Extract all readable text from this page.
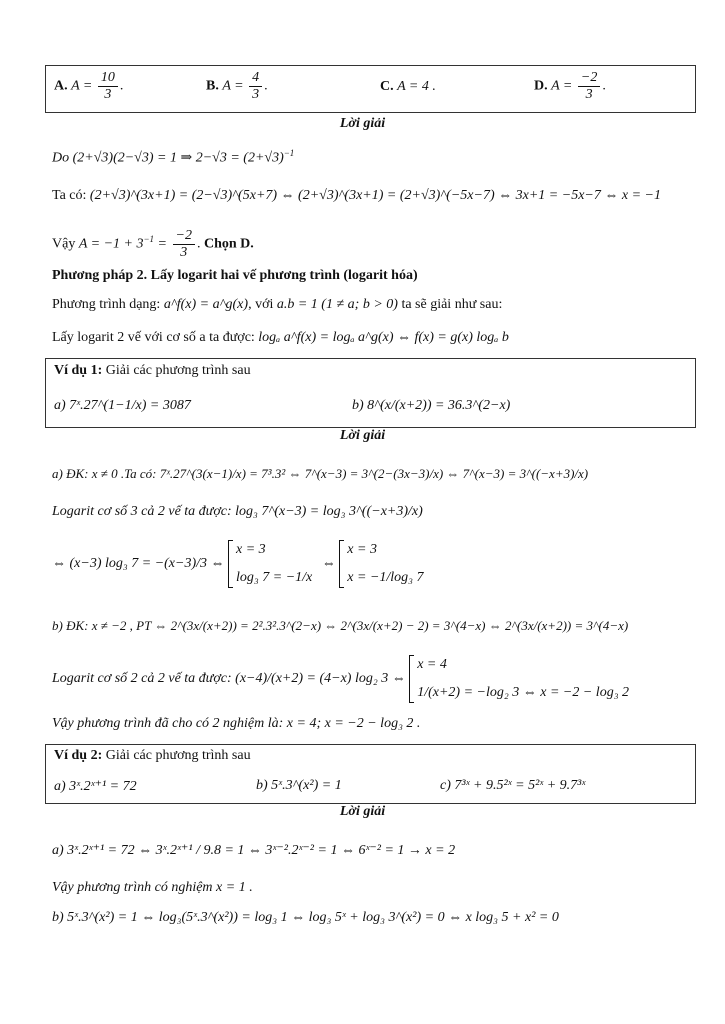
A. $A = \frac{10}{3}$ .	B. $A = \frac{4}{3}$ .	C. A = 4 .	D. $A = \frac{-2}{3}$ .
Lời giải
Do (2+√3)(2−√3) = 1 ⇒ $2-√3 = (2+√3)^{-1}$
Ta có: (2+√3)^(3x+1) = (2−√3)^(5x+7) ⇔ (2+√3)^(3x+1) = (2+√3)^(−5x−7) ⇔ 3x+1 = −5x−7 ⇔ x = −1
Vậy $A = -1 + 3^{-1} = \frac{-2}{3}$ . Chọn D.
Phương pháp 2. Lấy logarit hai vế phương trình (logarit hóa)
Phương trình dạng: a^f(x) = a^g(x), với a.b = 1 (1 ≠ a; b > 0) ta sẽ giải như sau:
Lấy logarit 2 vế với cơ số a ta được: logₐ a^f(x) = logₐ a^g(x) ⇔ f(x) = g(x) logₐ b
Ví dụ 1: Giải các phương trình sau
a) 7ˣ.27^(1−1/x) = 3087	b) 8^(x/(x+2)) = 36.3^(2−x)
Lời giải
a) ĐK: x ≠ 0 .Ta có: 7ˣ.27^(3(x−1)/x) = 7³.3² ⇔ 7^(x−3) = 3^(2−(3x−3)/x) ⇔ 7^(x−3) = 3^((−x+3)/x)
Logarit cơ số 3 cả 2 vế ta được: log₃ 7^(x−3) = log₃ 3^((−x+3)/x)
⇔ (x−3) log₃ 7 = −(x−3)/3 ⇔
x = 3
log₃ 7 = −1/x
⇔
x = 3
x = −1/log₃ 7
b) ĐK: x ≠ −2 , PT ⇔ 2^(3x/(x+2)) = 2².3².3^(2−x) ⇔ 2^(3x/(x+2) − 2) = 3^(4−x) ⇔ 2^(3x/(x+2)) = 3^(4−x)
Logarit cơ số 2 cả 2 vế ta được: (x−4)/(x+2) = (4−x) log₂ 3 ⇔
x = 4
1/(x+2) = −log₂ 3 ⇔ x = −2 − log₃ 2
Vậy phương trình đã cho có 2 nghiệm là: x = 4; x = −2 − log₃ 2 .
Ví dụ 2: Giải các phương trình sau
a) 3ˣ.2ˣ⁺¹ = 72	b) 5ˣ.3^(x²) = 1	c) 7³ˣ + 9.5²ˣ = 5²ˣ + 9.7³ˣ
Lời giải
a) 3ˣ.2ˣ⁺¹ = 72 ⇔ 3ˣ.2ˣ⁺¹ / 9.8 = 1 ⇔ 3ˣ⁻².2ˣ⁻² = 1 ⇔ 6ˣ⁻² = 1 → x = 2
Vậy phương trình có nghiệm x = 1 .
b) 5ˣ.3^(x²) = 1 ⇔ log₃(5ˣ.3^(x²)) = log₃ 1 ⇔ log₃ 5ˣ + log₃ 3^(x²) = 0 ⇔ x log₃ 5 + x² = 0
